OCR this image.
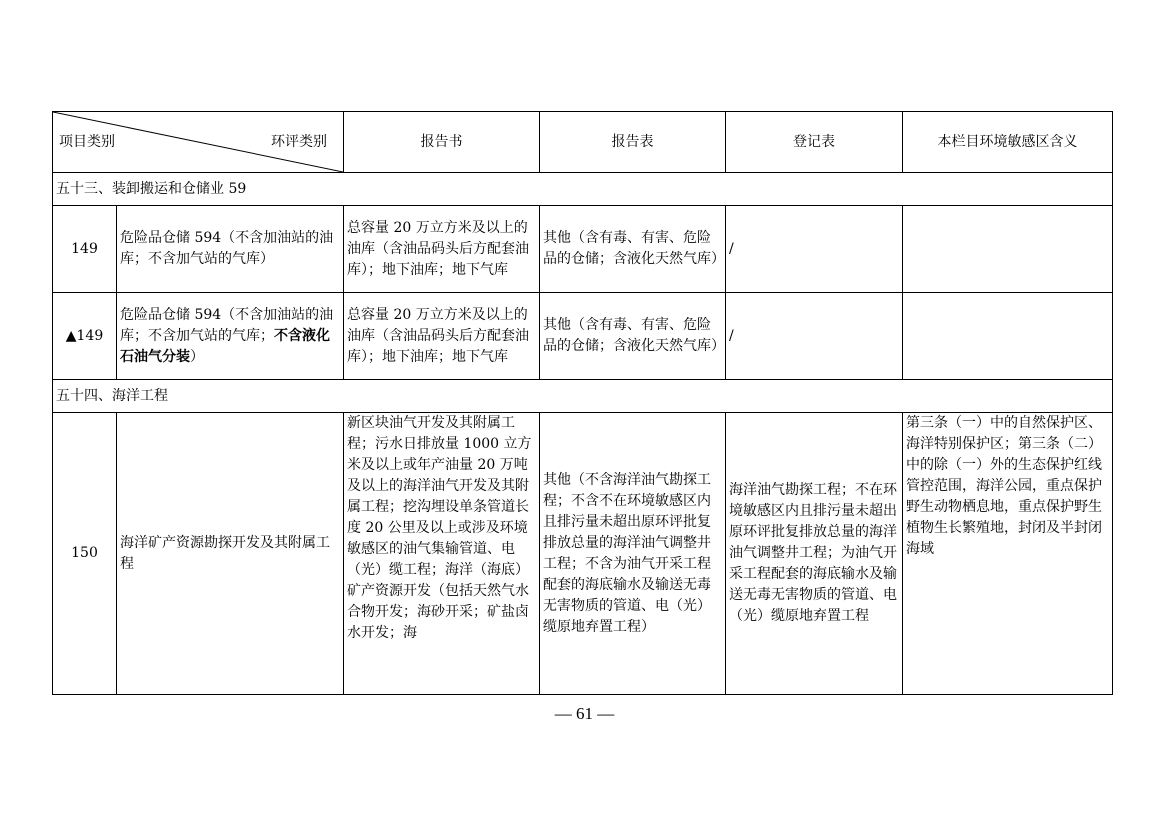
项目类别 环评类别		报告书	报告表	登记表	本栏目环境敏感区含义
五十三、装卸搬运和仓储业 59					
149	危险品仓储 594（不含加油站的油库；不含加气站的气库）	总容量 20 万立方米及以上的油库（含油品码头后方配套油库）；地下油库；地下气库	其他（含有毒、有害、危险品的仓储；含液化天然气库）	/	
▲149	危险品仓储 594（不含加油站的油库；不含加气站的气库；不含液化石油气分装）	总容量 20 万立方米及以上的油库（含油品码头后方配套油库）；地下油库；地下气库	其他（含有毒、有害、危险品的仓储；含液化天然气库）	/	
五十四、海洋工程					
150	海洋矿产资源勘探开发及其附属工程	新区块油气开发及其附属工程；污水日排放量 1000 立方米及以上或年产油量 20 万吨及以上的海洋油气开发及其附属工程；挖沟埋设单条管道长度 20 公里及以上或涉及环境敏感区的油气集输管道、电（光）缆工程；海洋（海底）矿产资源开发（包括天然气水合物开发；海砂开采；矿盐卤水开发；海	其他（不含海洋油气勘探工程；不含不在环境敏感区内且排污量未超出原环评批复排放总量的海洋油气调整井工程；不含为油气开采工程配套的海底输水及输送无毒无害物质的管道、电（光）缆原地弃置工程）	海洋油气勘探工程；不在环境敏感区内且排污量未超出原环评批复排放总量的海洋油气调整井工程；为油气开采工程配套的海底输水及输送无毒无害物质的管道、电（光）缆原地弃置工程	第三条（一）中的自然保护区、海洋特别保护区；第三条（二）中的除（一）外的生态保护红线管控范围，海洋公园，重点保护野生动物栖息地，重点保护野生植物生长繁殖地，封闭及半封闭海域
— 61 —
